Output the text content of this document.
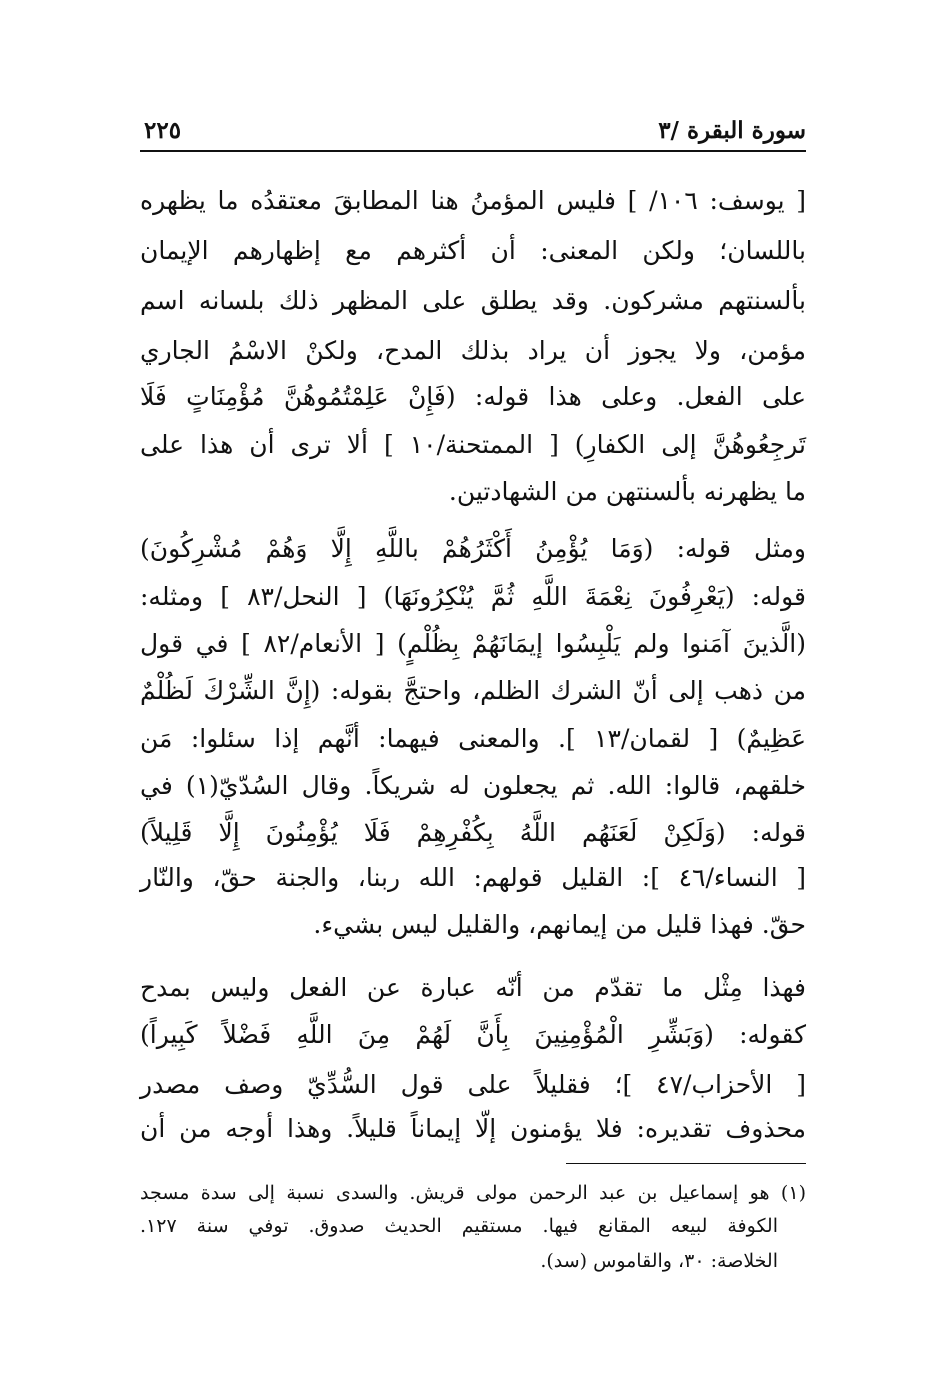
سورة البقرة /٣
٢٢٥
[ يوسف: ١٠٦/ ] فليس المؤمنُ هنا المطابقَ معتقدُه ما يظهره
باللسان؛ ولكن المعنى: أن أكثرهم مع إظهارهم الإيمان
بألسنتهم مشركون. وقد يطلق على المظهر ذلك بلسانه اسم
مؤمن، ولا يجوز أن يراد بذلك المدح، ولكنْ الاسْمُ الجاري
على الفعل. وعلى هذا قوله: (فَإِنْ عَلِمْتُمُوهُنَّ مُؤْمِنَاتٍ فَلَا
تَرجِعُوهُنَّ إلى الكفارِ) [ الممتحنة/١٠ ] ألا ترى أن هذا على
ما يظهرنه بألسنتهن من الشهادتين.
ومثل قوله: (وَمَا يُؤْمِنُ أَكْثَرُهُمْ باللَّهِ إِلَّا وَهُمْ مُشْرِكُونَ)
قوله: (يَعْرِفُونَ نِعْمَةَ اللَّهِ ثُمَّ يُنْكِرُونَهَا) [ النحل/٨٣ ] ومثله:
(الَّذينَ آمَنوا ولم يَلْبِسُوا إيمَانَهُمْ بِظُلْمٍ) [ الأنعام/٨٢ ] في قول
من ذهب إلى أنّ الشرك الظلم، واحتجَّ بقوله: (إِنَّ الشِّرْكَ لَظُلْمٌ
عَظِيمٌ) [ لقمان/١٣ ]. والمعنى فيهما: أنَّهم إذا سئلوا: مَن
خلقهم، قالوا: الله. ثم يجعلون له شريكاً. وقال السُدّيّ(١) في
قوله: (وَلَكِنْ لَعَنَهُم اللَّهُ بِكُفْرِهِمْ فَلَا يُؤْمِنُونَ إِلَّا قَلِيلاً)
[ النساء/٤٦ ]: القليل قولهم: الله ربنا، والجنة حقّ، والنّار
حقّ. فهذا قليل من إيمانهم، والقليل ليس بشيء.
فهذا مِثْل ما تقدّم من أنّه عبارة عن الفعل وليس بمدح
كقوله: (وَبَشِّرِ الْمُؤْمِنِينَ بِأَنَّ لَهُمْ مِنَ اللَّهِ فَضْلاً كَبِيراً)
[ الأحزاب/٤٧ ]؛ فقليلاً على قول السُّدِّيّ وصف مصدر
محذوف تقديره: فلا يؤمنون إلّا إيماناً قليلاً. وهذا أوجه من أن
(١) هو إسماعيل بن عبد الرحمن مولى قريش. والسدى نسبة إلى سدة مسجد
الكوفة لبيعه المقانع فيها. مستقيم الحديث صدوق. توفي سنة ١٢٧.
الخلاصة: ٣٠، والقاموس (سد).
